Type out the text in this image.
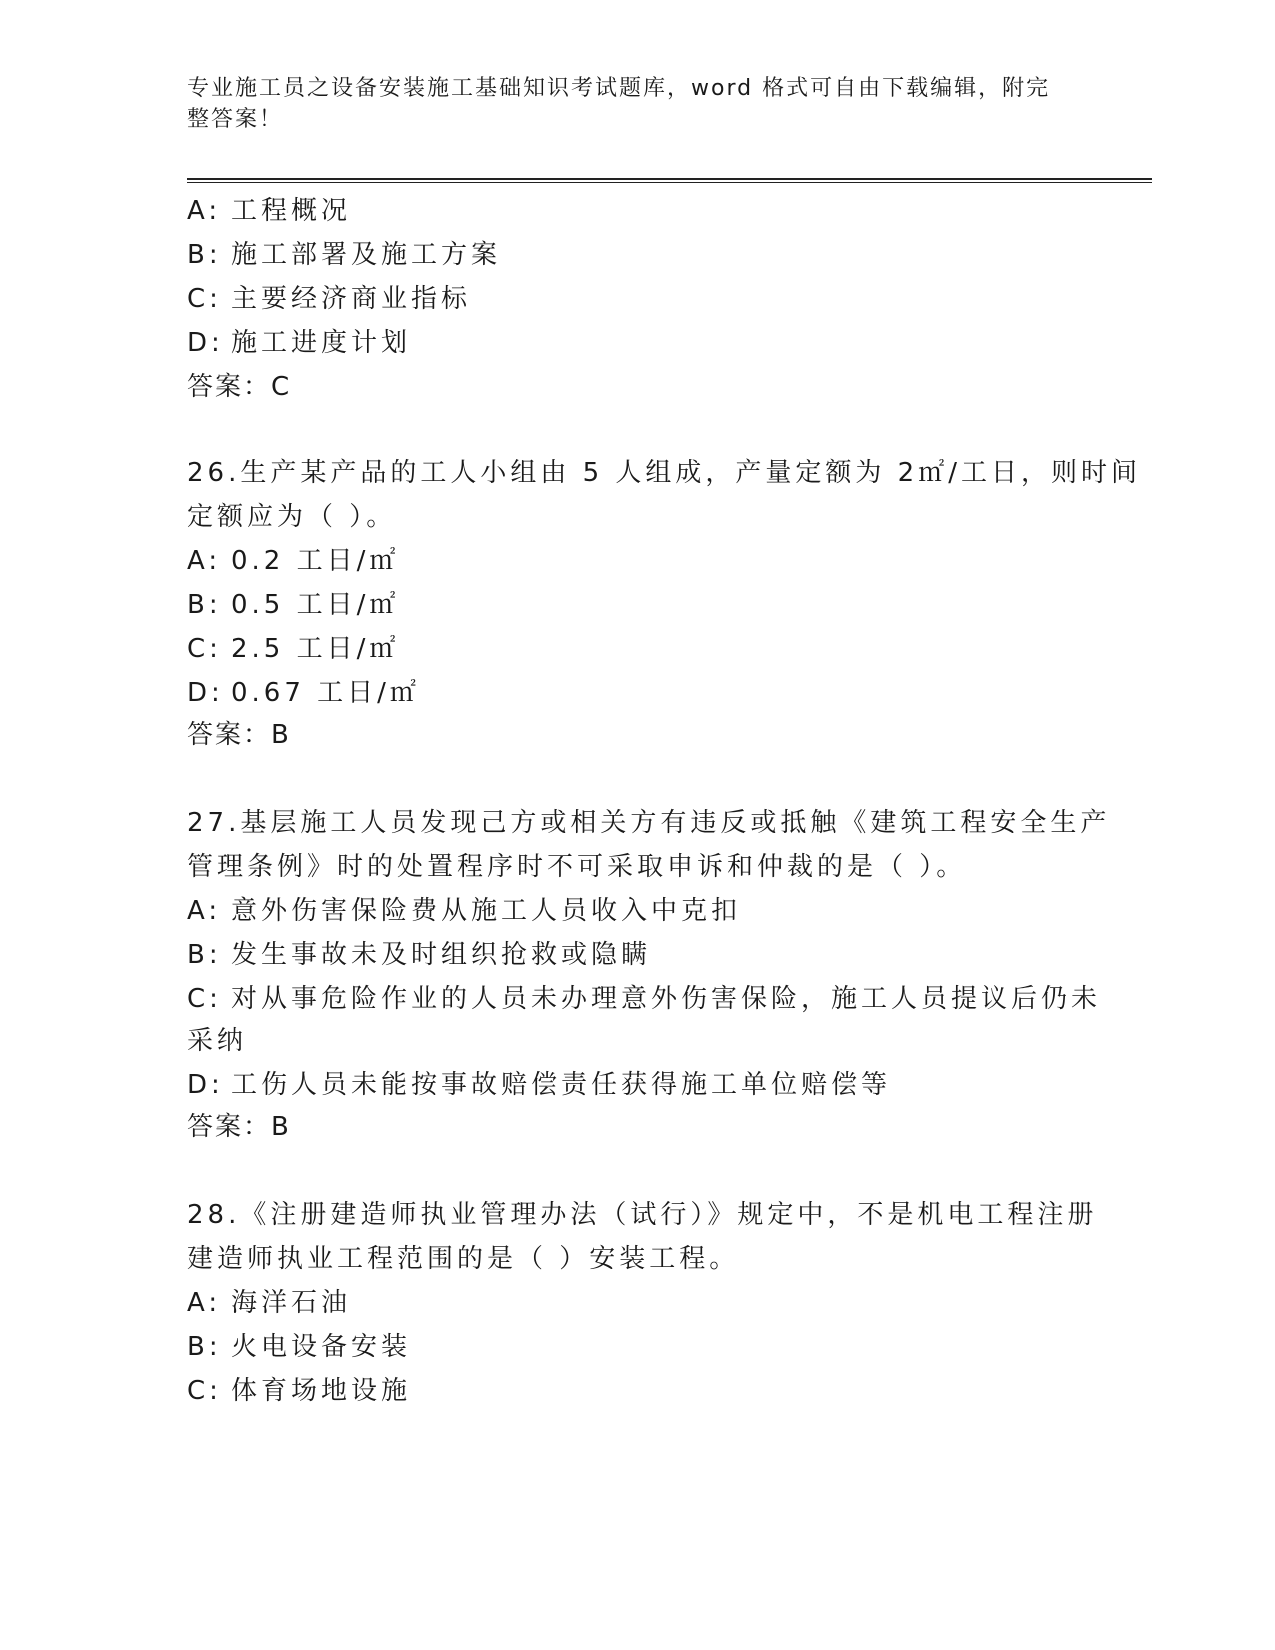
专业施工员之设备安装施工基础知识考试题库，word 格式可自由下载编辑，附完
整答案！
A: 工程概况
B: 施工部署及施工方案
C: 主要经济商业指标
D: 施工进度计划
答案：C
26.生产某产品的工人小组由 5 人组成，产量定额为 2㎡/工日，则时间
定额应为（ ）。
A: 0.2 工日/㎡
B: 0.5 工日/㎡
C: 2.5 工日/㎡
D: 0.67 工日/㎡
答案：B
27.基层施工人员发现己方或相关方有违反或抵触《建筑工程安全生产
管理条例》时的处置程序时不可采取申诉和仲裁的是（ ）。
A: 意外伤害保险费从施工人员收入中克扣
B: 发生事故未及时组织抢救或隐瞒
C: 对从事危险作业的人员未办理意外伤害保险，施工人员提议后仍未
采纳
D: 工伤人员未能按事故赔偿责任获得施工单位赔偿等
答案：B
28.《注册建造师执业管理办法（试行）》规定中，不是机电工程注册
建造师执业工程范围的是（ ）安装工程。
A: 海洋石油
B: 火电设备安装
C: 体育场地设施
